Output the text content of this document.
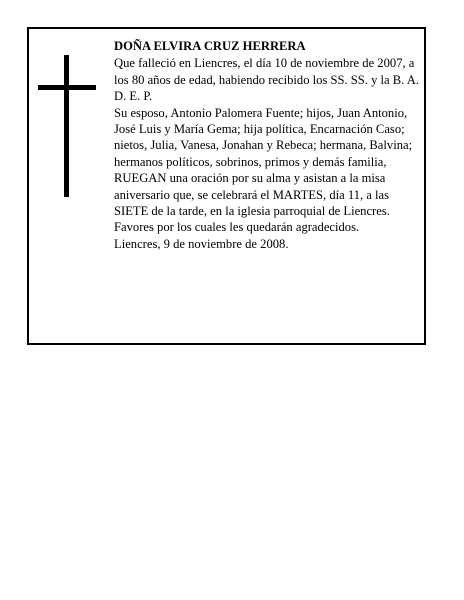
DOÑA ELVIRA CRUZ HERRERA

Que falleció en Liencres, el día 10 de noviembre de 2007, a los 80 años de edad, habiendo recibido los SS. SS. y la B. A.

D. E. P.

Su esposo, Antonio Palomera Fuente; hijos, Juan Antonio, José Luis y María Gema; hija política, Encarnación Caso; nietos, Julia, Vanesa, Jonahan y Rebeca; hermana, Balvina; hermanos políticos, sobrinos, primos y demás familia,

RUEGAN una oración por su alma y asistan a la misa aniversario que, se celebrará el MARTES, día 11, a las SIETE de la tarde, en la iglesia parroquial de Liencres.

Favores por los cuales les quedarán agradecidos.

Liencres, 9 de noviembre de 2008.
